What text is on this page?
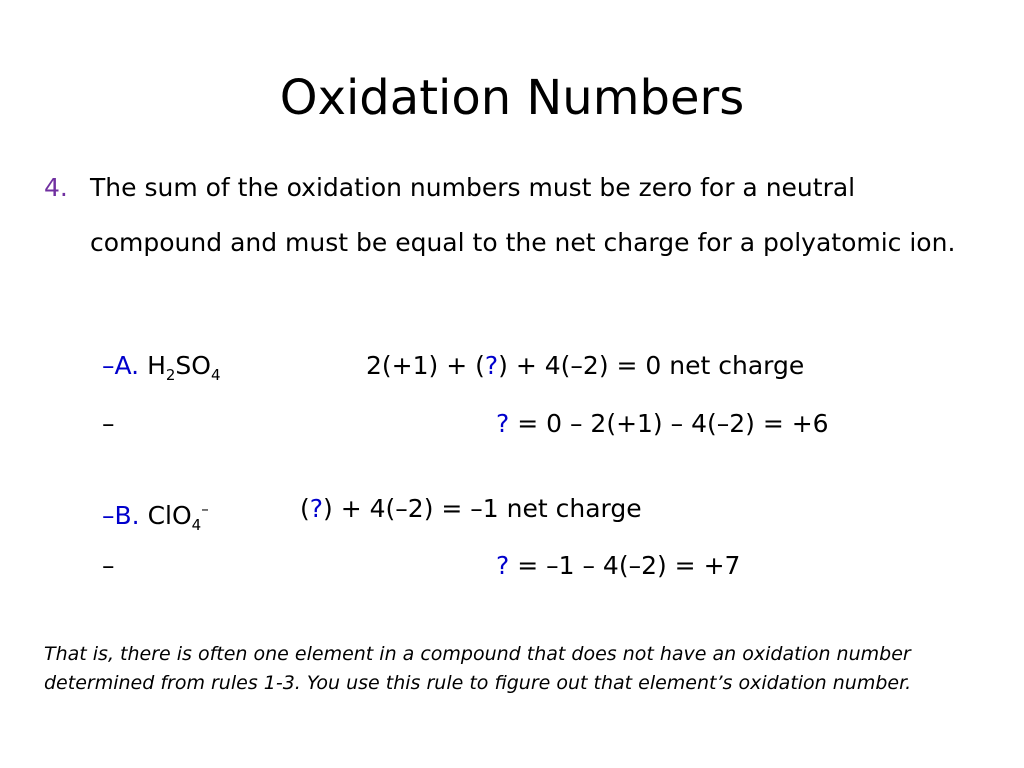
Oxidation Numbers
4. The sum of the oxidation numbers must be zero for a neutral compound and must be equal to the net charge for a polyatomic ion.
–A. $H_2SO_4$	2(+1) + (?) + 4(–2) = 0 net charge
–	? = 0 – 2(+1) – 4(–2) = +6
–B. ClO$_4$–	(?) + 4(–2) = –1 net charge
–	? = –1 – 4(–2) = +7
That is, there is often one element in a compound that does not have an oxidation number determined from rules 1-3. You use this rule to figure out that element’s oxidation number.
